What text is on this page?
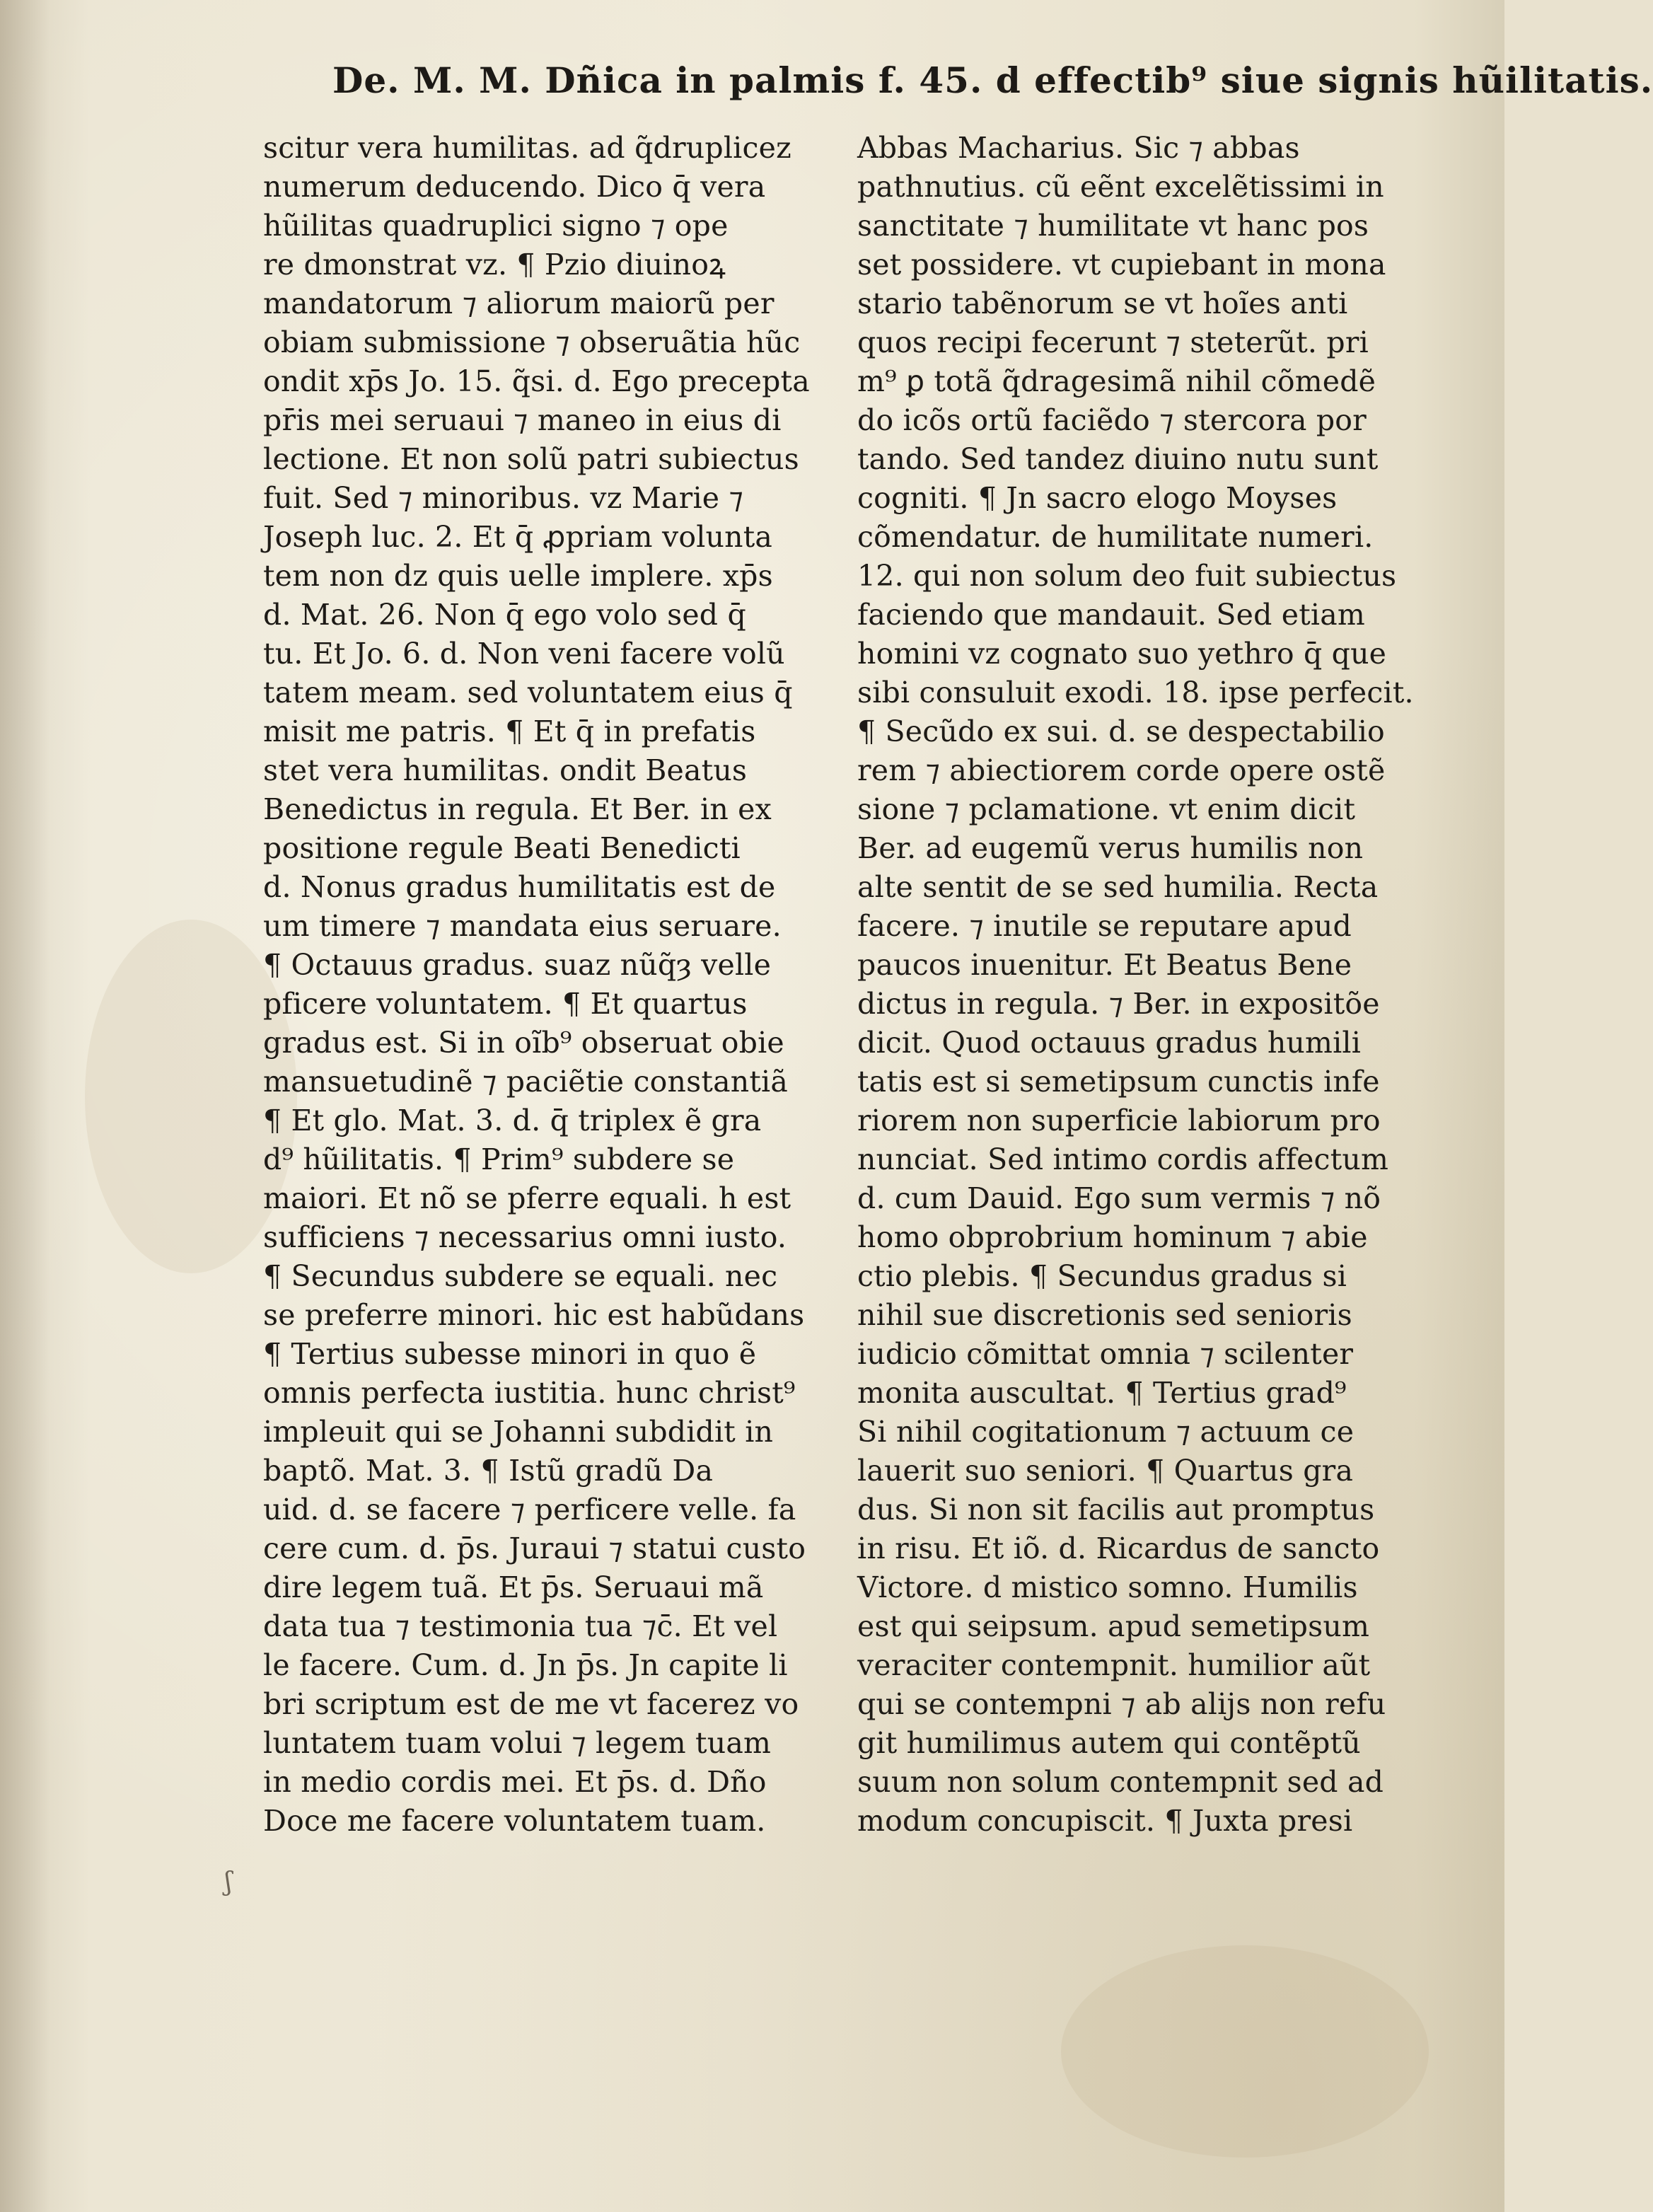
De. M. M. Dñica in palmis f. 45. d effectib⁹ siue signis hũilitatis.
scitur vera humilitas. ad q̃druplicez
numerum deducendo. Dico q̄ vera
hũilitas quadruplici signo ⁊ ope
re dmonstrat vz. ¶ Pzio diuinoꝝ
mandatorum ⁊ aliorum maiorũ per
obiam submissione ⁊ obseruãtia hũc
ondit xp̄s Jo. 15. q̃si. d. Ego precepta
pr̄is mei seruaui ⁊ maneo in eius di
lectione. Et non solũ patri subiectus
fuit. Sed ⁊ minoribus. vz Marie ⁊
Joseph luc. 2. Et q̄ ꝓpriam volunta
tem non dz quis uelle implere. xp̄s
d. Mat. 26. Non q̄ ego volo sed q̄
tu. Et Jo. 6. d. Non veni facere volũ
tatem meam. sed voluntatem eius q̄
misit me patris. ¶ Et q̄ in prefatis
stet vera humilitas. ondit Beatus
Benedictus in regula. Et Ber. in ex
positione regule Beati Benedicti
d. Nonus gradus humilitatis est de
um timere ⁊ mandata eius seruare.
¶ Octauus gradus. suaz nũq̃ȝ velle
pficere voluntatem. ¶ Et quartus
gradus est. Si in oĩb⁹ obseruat obie
mansuetudinẽ ⁊ paciẽtie constantiã
¶ Et glo. Mat. 3. d. q̄ triplex ẽ gra
d⁹ hũilitatis. ¶ Prim⁹ subdere se
maiori. Et nõ se pferre equali. h est
sufficiens ⁊ necessarius omni iusto.
¶ Secundus subdere se equali. nec
se preferre minori. hic est habũdans
¶ Tertius subesse minori in quo ẽ
omnis perfecta iustitia. hunc christ⁹
impleuit qui se Johanni subdidit in
baptõ. Mat. 3. ¶ Istũ gradũ Da
uid. d. se facere ⁊ perficere velle. fa
cere cum. d. p̄s. Juraui ⁊ statui custo
dire legem tuã. Et p̄s. Seruaui mã
data tua ⁊ testimonia tua ⁊c̄. Et vel
le facere. Cum. d. Jn p̄s. Jn capite li
bri scriptum est de me vt facerez vo
luntatem tuam volui ⁊ legem tuam
in medio cordis mei. Et p̄s. d. Dño
Doce me facere voluntatem tuam.
Abbas Macharius. Sic ⁊ abbas
pathnutius. cũ eẽnt excelẽtissimi in
sanctitate ⁊ humilitate vt hanc pos
set possidere. vt cupiebant in mona
stario tabẽnorum se vt hoĩes anti
quos recipi fecerunt ⁊ steterũt. pri
m⁹ ꝑ totã q̃dragesimã nihil cõmedẽ
do icõs ortũ faciẽdo ⁊ stercora por
tando. Sed tandez diuino nutu sunt
cogniti. ¶ Jn sacro elogo Moyses
cõmendatur. de humilitate numeri.
12. qui non solum deo fuit subiectus
faciendo que mandauit. Sed etiam
homini vz cognato suo yethro q̄ que
sibi consuluit exodi. 18. ipse perfecit.
¶ Secũdo ex sui. d. se despectabilio
rem ⁊ abiectiorem corde opere ostẽ
sione ⁊ pclamatione. vt enim dicit
Ber. ad eugemũ verus humilis non
alte sentit de se sed humilia. Recta
facere. ⁊ inutile se reputare apud
paucos inuenitur. Et Beatus Bene
dictus in regula. ⁊ Ber. in expositõe
dicit. Quod octauus gradus humili
tatis est si semetipsum cunctis infe
riorem non superficie labiorum pro
nunciat. Sed intimo cordis affectum
d. cum Dauid. Ego sum vermis ⁊ nõ
homo obprobrium hominum ⁊ abie
ctio plebis. ¶ Secundus gradus si
nihil sue discretionis sed senioris
iudicio cõmittat omnia ⁊ scilenter
monita auscultat. ¶ Tertius grad⁹
Si nihil cogitationum ⁊ actuum ce
lauerit suo seniori. ¶ Quartus gra
dus. Si non sit facilis aut promptus
in risu. Et iõ. d. Ricardus de sancto
Victore. d mistico somno. Humilis
est qui seipsum. apud semetipsum
veraciter contempnit. humilior aũt
qui se contempni ⁊ ab alijs non refu
git humilimus autem qui contẽptũ
suum non solum contempnit sed ad
modum concupiscit. ¶ Juxta presi
ʃ
